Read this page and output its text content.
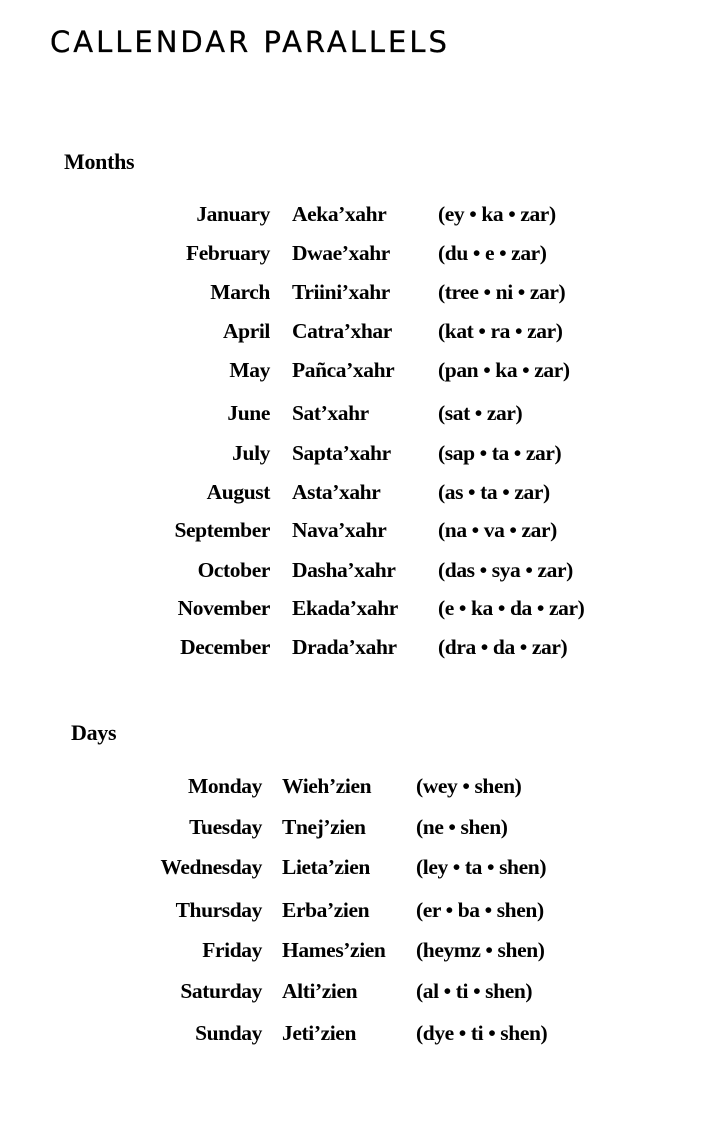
CALLENDAR PARALLELS
Months
January Aeka’xahr (ey • ka • zar)
February Dwae’xahr (du • e • zar)
March Triini’xahr (tree • ni • zar)
April Catra’xhar (kat • ra • zar)
May Pañca’xahr (pan • ka • zar)
June Sat’xahr	(sat • zar)
July Sapta’xahr (sap • ta • zar)
August Asta’xahr	(as • ta • zar)
September Nava’xahr (na • va • zar)
October Dasha’xahr (das • sya • zar)
November Ekada’xahr (e • ka • da • zar)
December Drada’xahr (dra • da • zar)
Days
Monday Wieh’zien (wey • shen)
Tuesday Tnej’zien (ne • shen)
Wednesday Lieta’zien (ley • ta • shen)
Thursday Erba’zien (er • ba • shen)
Friday Hames’zien (heymz • shen)
Saturday Alti’zien	(al • ti • shen)
Sunday Jeti’zien	(dye • ti • shen)
